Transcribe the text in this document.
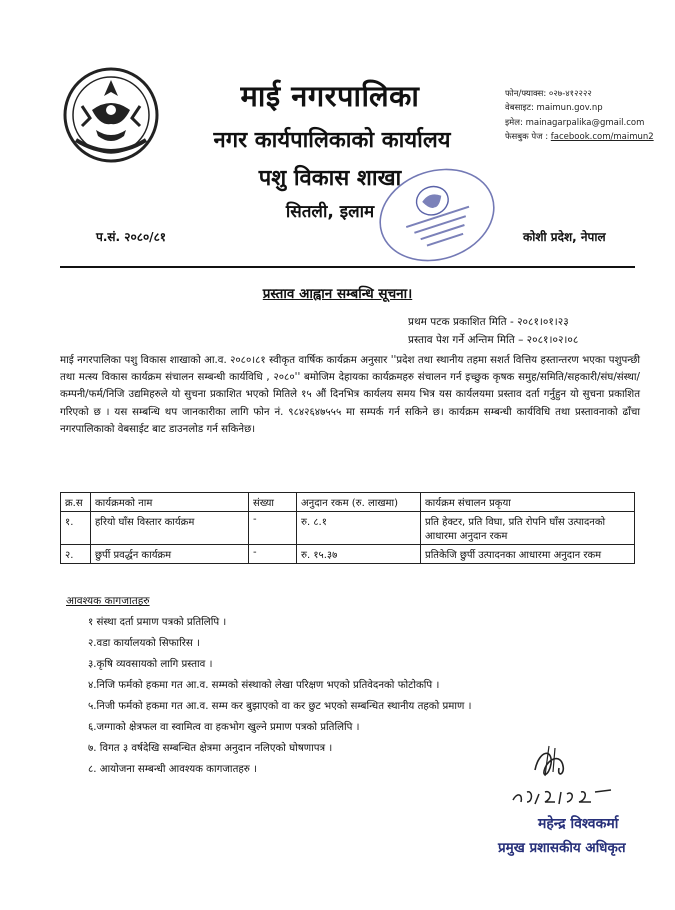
माई नगरपालिका
नगर कार्यपालिकाको कार्यालय
पशु विकास शाखा
सितली, इलाम
फोन/फ्याक्स: ०२७-४१२२२२
वेबसाइट: maimun.gov.np
इमेल: mainagarpalika@gmail.com
फेसबुक पेज : facebook.com/maimun2
प.सं. २०८०/८१	कोशी प्रदेश, नेपाल
प्रस्ताव आह्वान सम्बन्धि सूचना।
प्रथम पटक प्रकाशित मिति - २०८१।०१।२३
प्रस्ताव पेश गर्ने अन्तिम मिति – २०८१।०२।०८
माई नगरपालिका पशु विकास शाखाको आ.व. २०८०।८१ स्वीकृत वार्षिक कार्यक्रम अनुसार ''प्रदेश तथा स्थानीय तहमा सशर्त वित्तिय हस्तान्तरण भएका पशुपन्छी तथा मत्स्य विकास कार्यक्रम संचालन सम्बन्धी कार्यविधि , २०८०'' बमोजिम देहायका कार्यक्रमहरु संचालन गर्न इच्छुक कृषक समुह/समिति/सहकारी/संघ/संस्था/कम्पनी/फर्म/निजि उद्यमिहरुले यो सुचना प्रकाशित भएको मितिले १५ औं दिनभित्र कार्यलय समय भित्र यस कार्यलयमा प्रस्ताव दर्ता गर्नुहुन यो सुचना प्रकाशित गरिएको छ । यस सम्बन्धि थप जानकारीका लागि फोन नं. ९८४२६४७५५५ मा सम्पर्क गर्न सकिने छ। कार्यक्रम सम्बन्धी कार्यविधि तथा प्रस्तावनाको ढाँचा नगरपालिकाको वेबसाईट बाट डाउनलोड गर्न सकिनेछ।
क्र.स	कार्यक्रमको नाम	संख्या	अनुदान रकम (रु. लाखमा)	कार्यक्रम संचालन प्रकृया
१.	हरियो घाँस विस्तार कार्यक्रम	-	रु. ८.१	प्रति हेक्टर, प्रति विघा, प्रति रोपनि घाँस उत्पादनको आधारमा अनुदान रकम
२.	छुर्पी प्रवर्द्धन कार्यक्रम	-	रु. १५.३७	प्रतिकेजि छुर्पी उत्पादनका आधारमा अनुदान रकम
आवश्यक कागजातहरु
१ संस्था दर्ता प्रमाण पत्रको प्रतिलिपि ।
२.वडा कार्यालयको सिफारिस ।
३.कृषि व्यवसायको लागि प्रस्ताव ।
४.निजि फर्मको हकमा गत आ.व. सम्मको संस्थाको लेखा परिक्षण भएको प्रतिवेदनको फोटोकपि ।
५.निजी फर्मको हकमा गत आ.व. सम्म कर बुझाएको वा कर छुट भएको सम्बन्धित स्थानीय तहको प्रमाण ।
६.जग्गाको क्षेत्रफल वा स्वामित्व वा हकभोग खुल्ने प्रमाण पत्रको प्रतिलिपि ।
७. विगत ३ वर्षदेखि सम्बन्धित क्षेत्रमा अनुदान नलिएको घोषणापत्र ।
८. आयोजना सम्बन्धी आवश्यक कागजातहरु ।
महेन्द्र विश्वकर्मा
प्रमुख प्रशासकीय अधिकृत
